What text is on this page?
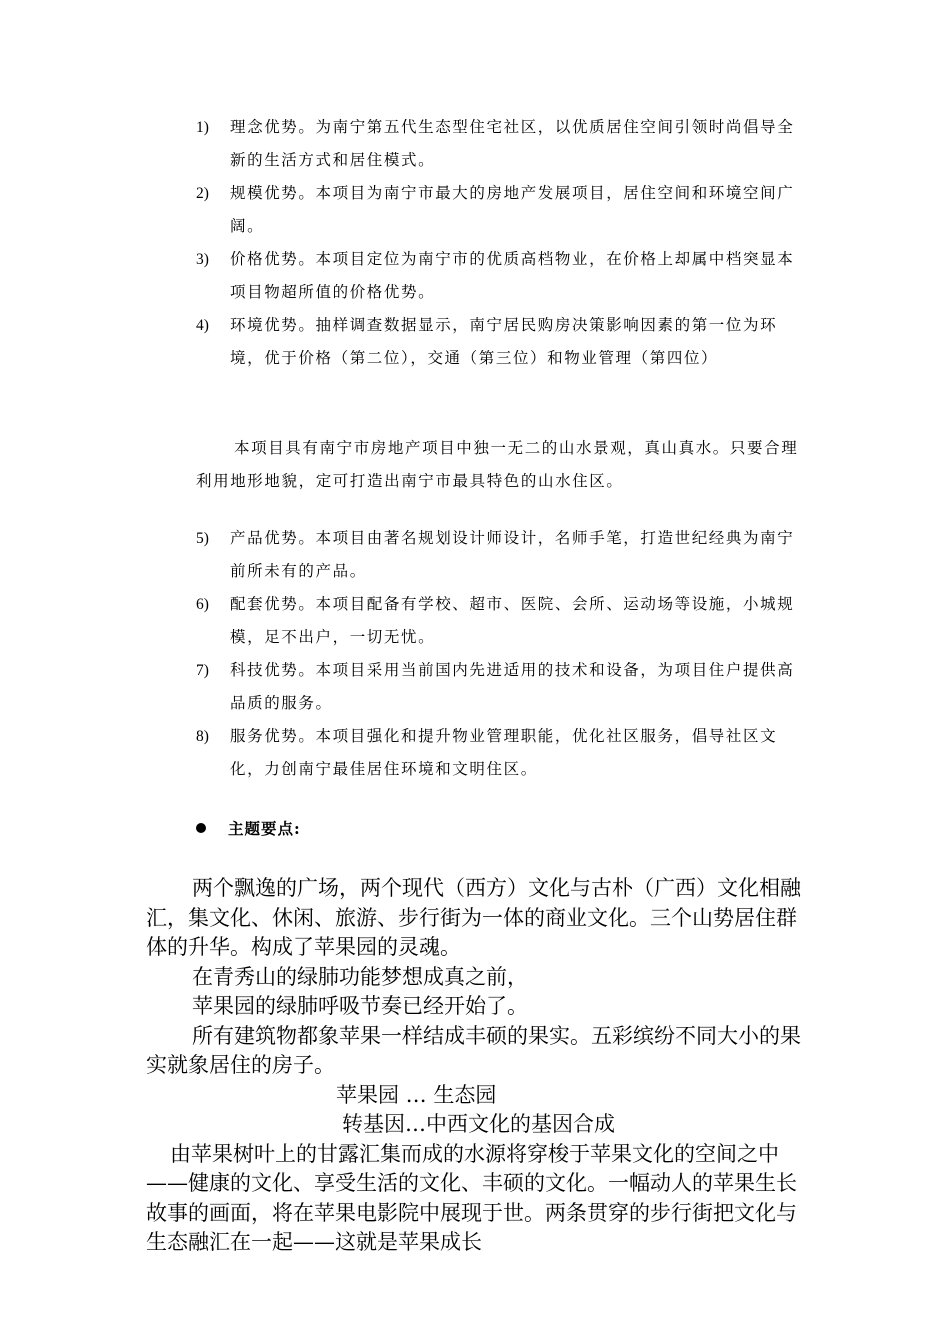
1) 理念优势。为南宁第五代生态型住宅社区，以优质居住空间引领时尚倡导全新的生活方式和居住模式。
2) 规模优势。本项目为南宁市最大的房地产发展项目，居住空间和环境空间广阔。
3) 价格优势。本项目定位为南宁市的优质高档物业，在价格上却属中档突显本项目物超所值的价格优势。
4) 环境优势。抽样调查数据显示，南宁居民购房决策影响因素的第一位为环境，优于价格（第二位），交通（第三位）和物业管理（第四位）
本项目具有南宁市房地产项目中独一无二的山水景观，真山真水。只要合理利用地形地貌，定可打造出南宁市最具特色的山水住区。
5) 产品优势。本项目由著名规划设计师设计，名师手笔，打造世纪经典为南宁前所未有的产品。
6) 配套优势。本项目配备有学校、超市、医院、会所、运动场等设施，小城规模，足不出户，一切无忧。
7) 科技优势。本项目采用当前国内先进适用的技术和设备，为项目住户提供高品质的服务。
8) 服务优势。本项目强化和提升物业管理职能，优化社区服务，倡导社区文化，力创南宁最佳居住环境和文明住区。
主题要点:

两个飘逸的广场，两个现代（西方）文化与古朴（广西）文化相融汇，集文化、休闲、旅游、步行街为一体的商业文化。三个山势居住群体的升华。构成了苹果园的灵魂。

在青秀山的绿肺功能梦想成真之前，

苹果园的绿肺呼吸节奏已经开始了。

所有建筑物都象苹果一样结成丰硕的果实。五彩缤纷不同大小的果实就象居住的房子。

苹果园 … 生态园

转基因…中西文化的基因合成

由苹果树叶上的甘露汇集而成的水源将穿梭于苹果文化的空间之中——健康的文化、享受生活的文化、丰硕的文化。一幅动人的苹果生长故事的画面，将在苹果电影院中展现于世。两条贯穿的步行街把文化与生态融汇在一起——这就是苹果成长
